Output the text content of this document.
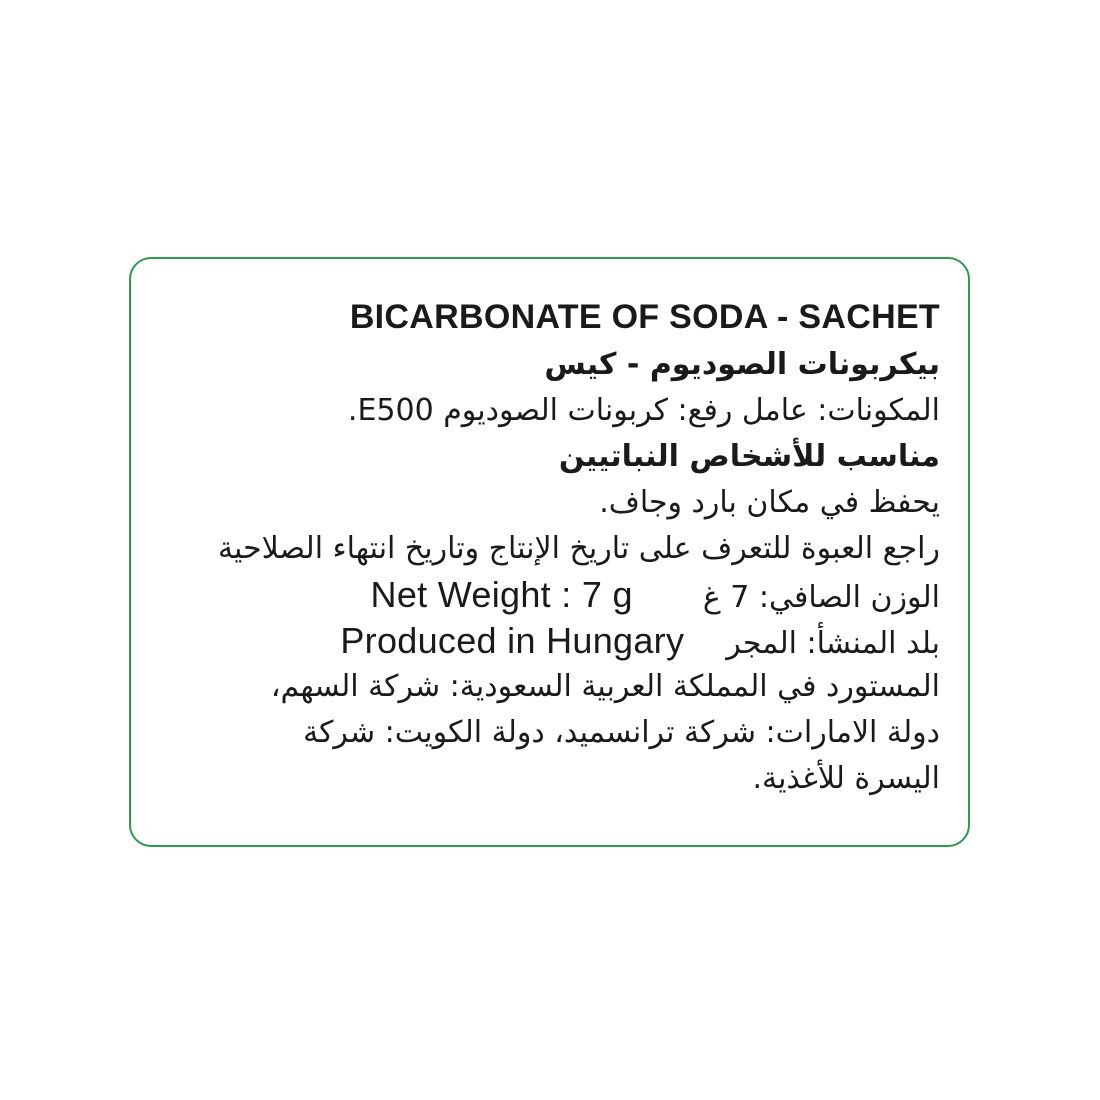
BICARBONATE OF SODA - SACHET
بيكربونات الصوديوم - كيس
المكونات: عامل رفع: كربونات الصوديوم E500.
مناسب للأشخاص النباتيين
يحفظ في مكان بارد وجاف.
راجع العبوة للتعرف على تاريخ الإنتاج وتاريخ انتهاء الصلاحية
الوزن الصافي: 7 غNet Weight : 7 g
بلد المنشأ: المجرProduced in Hungary
المستورد في المملكة العربية السعودية: شركة السهم،
دولة الامارات: شركة ترانسميد، دولة الكويت: شركة
اليسرة للأغذية.
